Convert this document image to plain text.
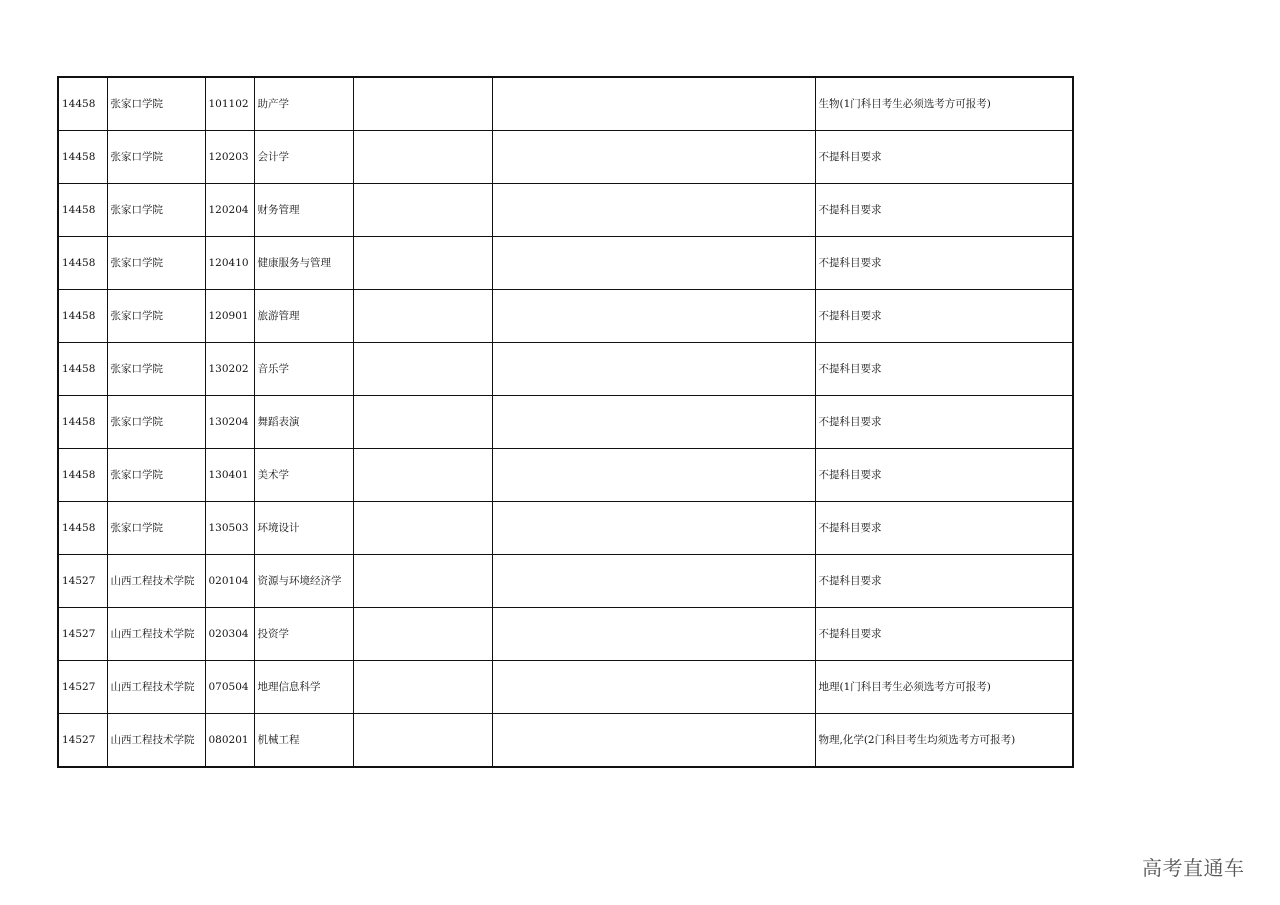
14458	张家口学院	101102	助产学			生物(1门科目考生必须选考方可报考)
14458	张家口学院	120203	会计学			不提科目要求
14458	张家口学院	120204	财务管理			不提科目要求
14458	张家口学院	120410	健康服务与管理			不提科目要求
14458	张家口学院	120901	旅游管理			不提科目要求
14458	张家口学院	130202	音乐学			不提科目要求
14458	张家口学院	130204	舞蹈表演			不提科目要求
14458	张家口学院	130401	美术学			不提科目要求
14458	张家口学院	130503	环境设计			不提科目要求
14527	山西工程技术学院	020104	资源与环境经济学			不提科目要求
14527	山西工程技术学院	020304	投资学			不提科目要求
14527	山西工程技术学院	070504	地理信息科学			地理(1门科目考生必须选考方可报考)
14527	山西工程技术学院	080201	机械工程			物理,化学(2门科目考生均须选考方可报考)
高考直通车
